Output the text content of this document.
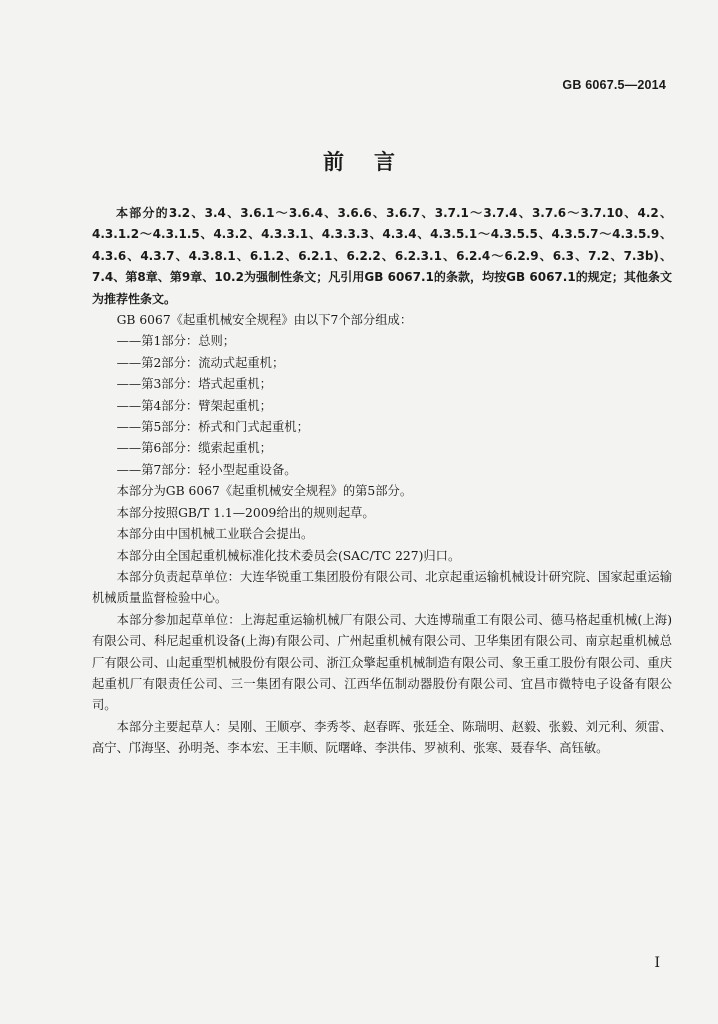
GB 6067.5—2014
前言

本部分的3.2、3.4、3.6.1～3.6.4、3.6.6、3.6.7、3.7.1～3.7.4、3.7.6～3.7.10、4.2、4.3.1.2～4.3.1.5、4.3.2、4.3.3.1、4.3.3.3、4.3.4、4.3.5.1～4.3.5.5、4.3.5.7～4.3.5.9、4.3.6、4.3.7、4.3.8.1、6.1.2、6.2.1、6.2.2、6.2.3.1、6.2.4～6.2.9、6.3、7.2、7.3b)、7.4、第8章、第9章、10.2为强制性条文；凡引用GB 6067.1的条款，均按GB 6067.1的规定；其他条文为推荐性条文。

GB 6067《起重机械安全规程》由以下7个部分组成：

——第1部分：总则；

——第2部分：流动式起重机；

——第3部分：塔式起重机；

——第4部分：臂架起重机；

——第5部分：桥式和门式起重机；

——第6部分：缆索起重机；

——第7部分：轻小型起重设备。

本部分为GB 6067《起重机械安全规程》的第5部分。

本部分按照GB/T 1.1—2009给出的规则起草。

本部分由中国机械工业联合会提出。

本部分由全国起重机械标准化技术委员会(SAC/TC 227)归口。

本部分负责起草单位：大连华锐重工集团股份有限公司、北京起重运输机械设计研究院、国家起重运输机械质量监督检验中心。

本部分参加起草单位：上海起重运输机械厂有限公司、大连博瑞重工有限公司、德马格起重机械(上海)有限公司、科尼起重机设备(上海)有限公司、广州起重机械有限公司、卫华集团有限公司、南京起重机械总厂有限公司、山起重型机械股份有限公司、浙江众擎起重机械制造有限公司、象王重工股份有限公司、重庆起重机厂有限责任公司、三一集团有限公司、江西华伍制动器股份有限公司、宜昌市微特电子设备有限公司。

本部分主要起草人：吴刚、王顺亭、李秀苓、赵春晖、张廷全、陈瑞明、赵毅、张毅、刘元利、须雷、高宁、邝海坚、孙明尧、李本宏、王丰顺、阮曙峰、李洪伟、罗祯利、张寒、聂春华、高钰敏。

I
